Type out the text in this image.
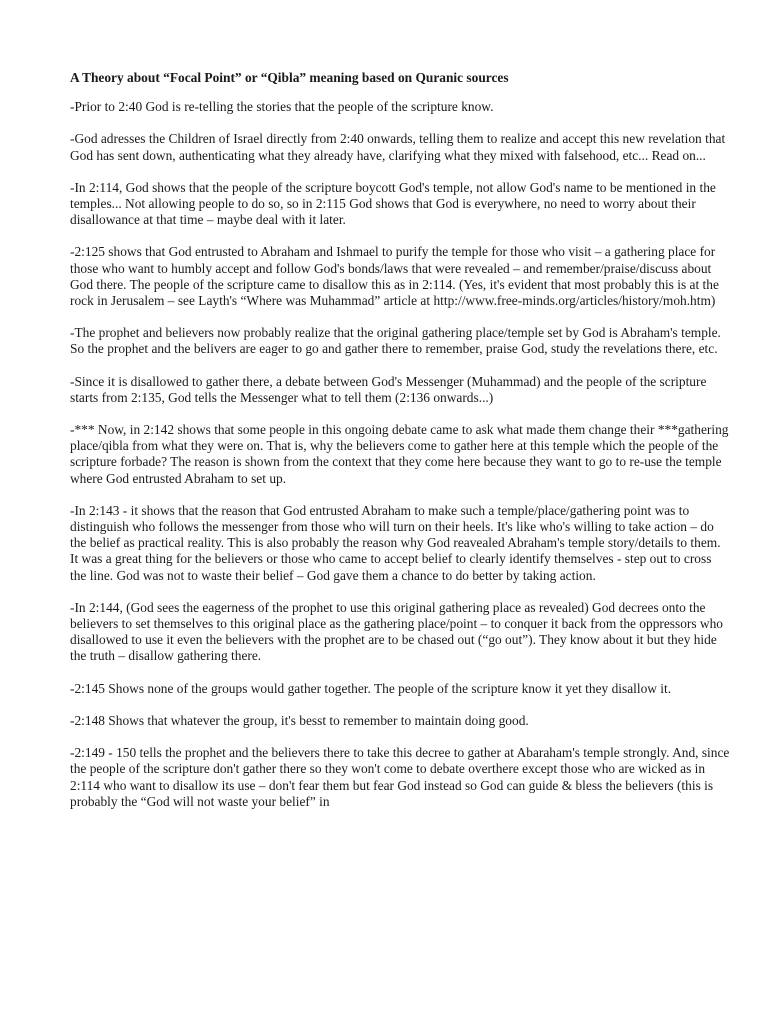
A Theory about “Focal Point” or “Qibla” meaning based on Quranic sources
-Prior to 2:40 God is re-telling the stories that the people of the scripture know.
-God adresses the Children of Israel directly from 2:40 onwards, telling them to realize and accept this new revelation that God has sent down, authenticating what they already have, clarifying what they mixed with falsehood, etc... Read on...
-In 2:114, God shows that the people of the scripture boycott God's temple, not allow God's name to be mentioned in the temples... Not allowing people to do so, so in 2:115 God shows that God is everywhere, no need to worry about their disallowance at that time – maybe deal with it later.
-2:125 shows that God entrusted to Abraham and Ishmael to purify the temple for those who visit – a gathering place for those who want to humbly accept and follow God's bonds/laws that were revealed – and remember/praise/discuss about God there. The people of the scripture came to disallow this as in 2:114. (Yes, it's evident that most probably this is at the rock in Jerusalem – see Layth's “Where was Muhammad” article at http://www.free-minds.org/articles/history/moh.htm)
-The prophet and believers now probably realize that the original gathering place/temple set by God is Abraham's temple. So the prophet and the belivers are eager to go and gather there to remember, praise God, study the revelations there, etc.
-Since it is disallowed to gather there, a debate between God's Messenger (Muhammad) and the people of the scripture starts from 2:135, God tells the Messenger what to tell them (2:136 onwards...)
-*** Now, in 2:142 shows that some people in this ongoing debate came to ask what made them change their ***gathering place/qibla from what they were on. That is, why the believers come to gather here at this temple which the people of the scripture forbade? The reason is shown from the context that they come here because they want to go to re-use the temple where God entrusted Abraham to set up.
-In 2:143 - it shows that the reason that God entrusted Abraham to make such a temple/place/gathering point was to distinguish who follows the messenger from those who will turn on their heels. It's like who's willing to take action – do the belief as practical reality. This is also probably the reason why God reavealed Abraham's temple story/details to them. It was a great thing for the believers or those who came to accept belief to clearly identify themselves - step out to cross the line. God was not to waste their belief – God gave them a chance to do better by taking action.
-In 2:144, (God sees the eagerness of the prophet to use this original gathering place as revealed) God decrees onto the believers to set themselves to this original place as the gathering place/point – to conquer it back from the oppressors who disallowed to use it even the believers with the prophet are to be chased out (“go out”). They know about it but they hide the truth – disallow gathering there.
-2:145 Shows none of the groups would gather together. The people of the scripture know it yet they disallow it.
-2:148 Shows that whatever the group, it's besst to remember to maintain doing good.
-2:149 - 150 tells the prophet and the believers there to take this decree to gather at Abaraham's temple strongly. And, since the people of the scripture don't gather there so they won't come to debate overthere except those who are wicked as in 2:114 who want to disallow its use – don't fear them but fear God instead so God can guide & bless the believers (this is probably the “God will not waste your belief” in
